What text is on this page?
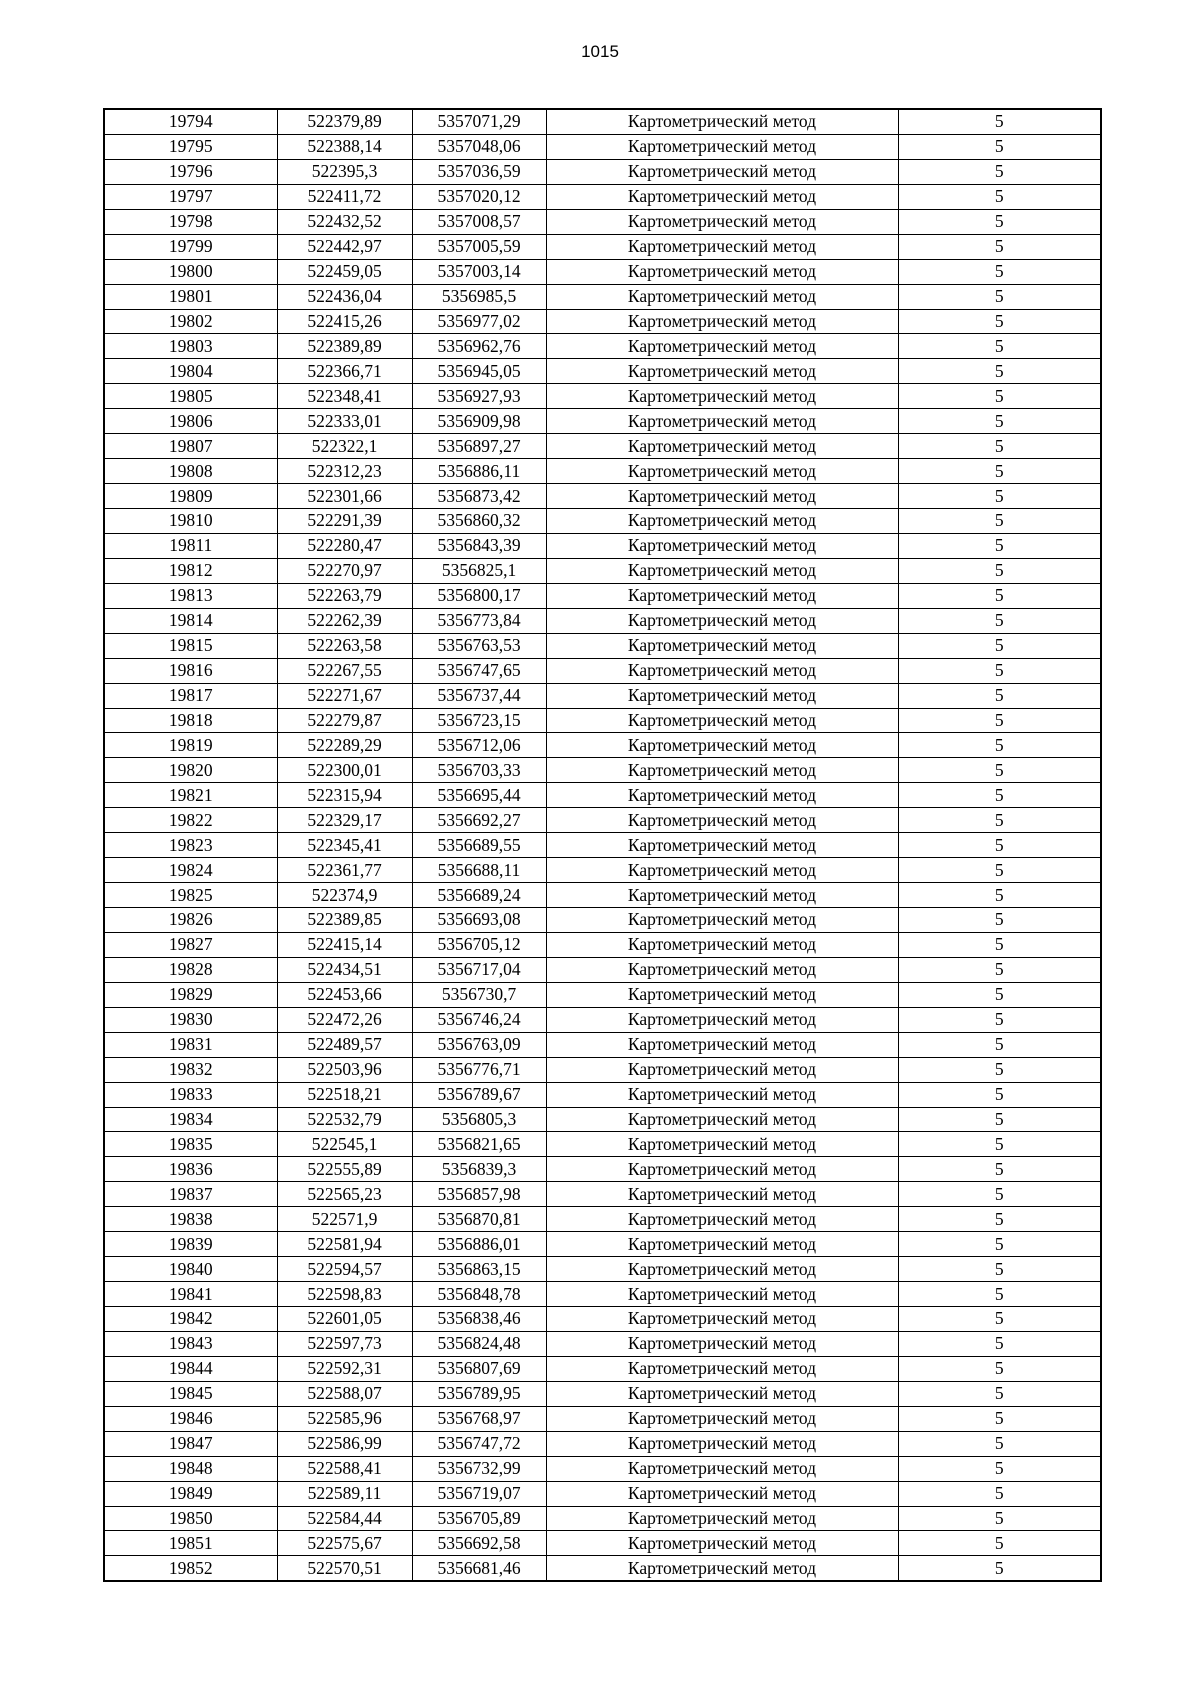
1015
19794	522379,89	5357071,29	Картометрический метод	5
19795	522388,14	5357048,06	Картометрический метод	5
19796	522395,3	5357036,59	Картометрический метод	5
19797	522411,72	5357020,12	Картометрический метод	5
19798	522432,52	5357008,57	Картометрический метод	5
19799	522442,97	5357005,59	Картометрический метод	5
19800	522459,05	5357003,14	Картометрический метод	5
19801	522436,04	5356985,5	Картометрический метод	5
19802	522415,26	5356977,02	Картометрический метод	5
19803	522389,89	5356962,76	Картометрический метод	5
19804	522366,71	5356945,05	Картометрический метод	5
19805	522348,41	5356927,93	Картометрический метод	5
19806	522333,01	5356909,98	Картометрический метод	5
19807	522322,1	5356897,27	Картометрический метод	5
19808	522312,23	5356886,11	Картометрический метод	5
19809	522301,66	5356873,42	Картометрический метод	5
19810	522291,39	5356860,32	Картометрический метод	5
19811	522280,47	5356843,39	Картометрический метод	5
19812	522270,97	5356825,1	Картометрический метод	5
19813	522263,79	5356800,17	Картометрический метод	5
19814	522262,39	5356773,84	Картометрический метод	5
19815	522263,58	5356763,53	Картометрический метод	5
19816	522267,55	5356747,65	Картометрический метод	5
19817	522271,67	5356737,44	Картометрический метод	5
19818	522279,87	5356723,15	Картометрический метод	5
19819	522289,29	5356712,06	Картометрический метод	5
19820	522300,01	5356703,33	Картометрический метод	5
19821	522315,94	5356695,44	Картометрический метод	5
19822	522329,17	5356692,27	Картометрический метод	5
19823	522345,41	5356689,55	Картометрический метод	5
19824	522361,77	5356688,11	Картометрический метод	5
19825	522374,9	5356689,24	Картометрический метод	5
19826	522389,85	5356693,08	Картометрический метод	5
19827	522415,14	5356705,12	Картометрический метод	5
19828	522434,51	5356717,04	Картометрический метод	5
19829	522453,66	5356730,7	Картометрический метод	5
19830	522472,26	5356746,24	Картометрический метод	5
19831	522489,57	5356763,09	Картометрический метод	5
19832	522503,96	5356776,71	Картометрический метод	5
19833	522518,21	5356789,67	Картометрический метод	5
19834	522532,79	5356805,3	Картометрический метод	5
19835	522545,1	5356821,65	Картометрический метод	5
19836	522555,89	5356839,3	Картометрический метод	5
19837	522565,23	5356857,98	Картометрический метод	5
19838	522571,9	5356870,81	Картометрический метод	5
19839	522581,94	5356886,01	Картометрический метод	5
19840	522594,57	5356863,15	Картометрический метод	5
19841	522598,83	5356848,78	Картометрический метод	5
19842	522601,05	5356838,46	Картометрический метод	5
19843	522597,73	5356824,48	Картометрический метод	5
19844	522592,31	5356807,69	Картометрический метод	5
19845	522588,07	5356789,95	Картометрический метод	5
19846	522585,96	5356768,97	Картометрический метод	5
19847	522586,99	5356747,72	Картометрический метод	5
19848	522588,41	5356732,99	Картометрический метод	5
19849	522589,11	5356719,07	Картометрический метод	5
19850	522584,44	5356705,89	Картометрический метод	5
19851	522575,67	5356692,58	Картометрический метод	5
19852	522570,51	5356681,46	Картометрический метод	5
